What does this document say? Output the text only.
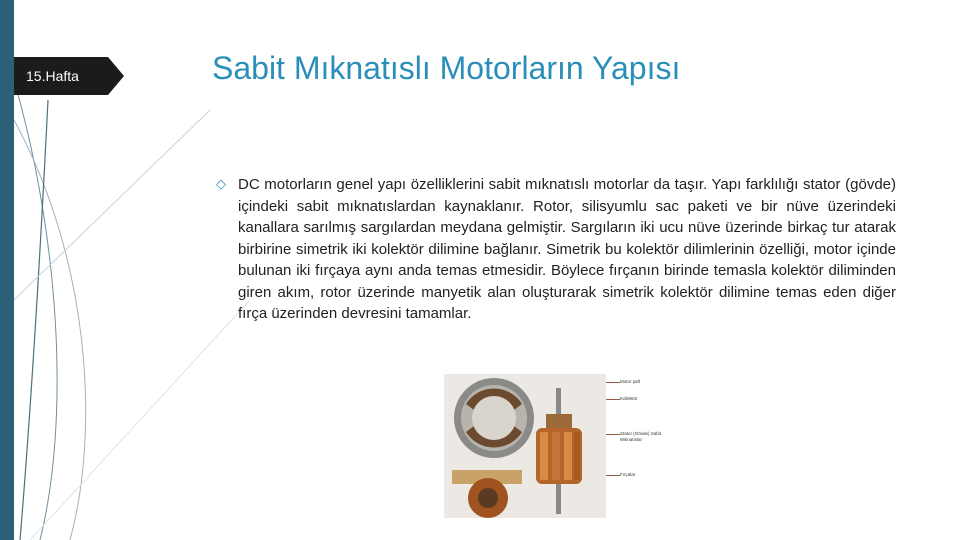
15.Hafta	Sabit Mıknatıslı Motorların Yapısı
◇ DC motorların genel yapı özelliklerini sabit mıknatıslı motorlar da taşır. Yapı farklılığı stator (gövde) içindeki sabit mıknatıslardan kaynaklanır. Rotor, silisyumlu sac paketi ve bir nüve üzerindeki kanallara sarılmış sargılardan meydana gelmiştir. Sargıların iki ucu nüve üzerinde birkaç tur atarak birbirine simetrik iki kolektör dilimine bağlanır. Simetrik bu kolektör dilimlerinin özelliği, motor içinde bulunan iki fırçaya aynı anda temas etmesidir. Böylece fırçanın birinde temasla kolektör diliminden giren akım, rotor üzerinde manyetik alan oluşturarak simetrik kolektör dilimine temas eden diğer fırça üzerinden devresini tamamlar.
Motor şaft
Kollektör
Stator (Gövde) Sabit Mıknatıslar
Fırçalar
